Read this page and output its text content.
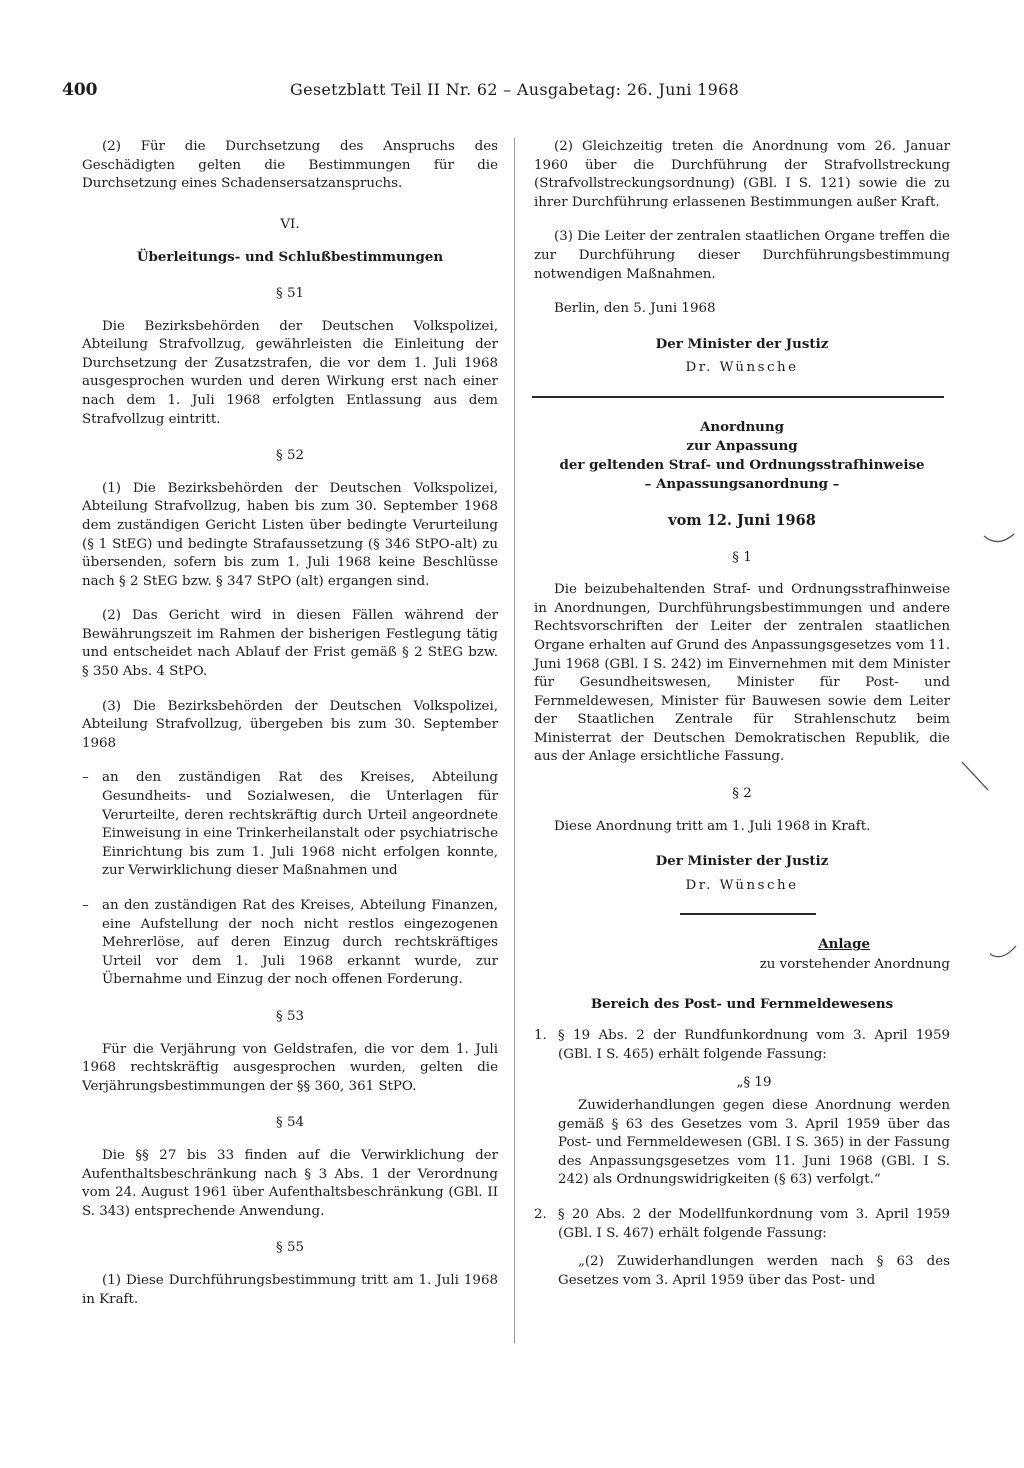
400	Gesetzblatt Teil II Nr. 62 – Ausgabetag: 26. Juni 1968

(2) Für die Durchsetzung des Anspruchs des Geschädigten gelten die Bestimmungen für die Durchsetzung eines Schadensersatzanspruchs.

VI.
Überleitungs- und Schlußbestimmungen
§ 51

Die Bezirksbehörden der Deutschen Volkspolizei, Abteilung Strafvollzug, gewährleisten die Einleitung der Durchsetzung der Zusatzstrafen, die vor dem 1. Juli 1968 ausgesprochen wurden und deren Wirkung erst nach einer nach dem 1. Juli 1968 erfolgten Entlassung aus dem Strafvollzug eintritt.

§ 52

(1) Die Bezirksbehörden der Deutschen Volkspolizei, Abteilung Strafvollzug, haben bis zum 30. September 1968 dem zuständigen Gericht Listen über bedingte Verurteilung (§ 1 StEG) und bedingte Strafaussetzung (§ 346 StPO-alt) zu übersenden, sofern bis zum 1. Juli 1968 keine Beschlüsse nach § 2 StEG bzw. § 347 StPO (alt) ergangen sind.

(2) Das Gericht wird in diesen Fällen während der Bewährungszeit im Rahmen der bisherigen Festlegung tätig und entscheidet nach Ablauf der Frist gemäß § 2 StEG bzw. § 350 Abs. 4 StPO.

(3) Die Bezirksbehörden der Deutschen Volkspolizei, Abteilung Strafvollzug, übergeben bis zum 30. September 1968

– an den zuständigen Rat des Kreises, Abteilung Gesundheits- und Sozialwesen, die Unterlagen für Verurteilte, deren rechtskräftig durch Urteil angeordnete Einweisung in eine Trinkerheilanstalt oder psychiatrische Einrichtung bis zum 1. Juli 1968 nicht erfolgen konnte, zur Verwirklichung dieser Maßnahmen und
– an den zuständigen Rat des Kreises, Abteilung Finanzen, eine Aufstellung der noch nicht restlos eingezogenen Mehrerlöse, auf deren Einzug durch rechtskräftiges Urteil vor dem 1. Juli 1968 erkannt wurde, zur Übernahme und Einzug der noch offenen Forderung.
§ 53

Für die Verjährung von Geldstrafen, die vor dem 1. Juli 1968 rechtskräftig ausgesprochen wurden, gelten die Verjährungsbestimmungen der §§ 360, 361 StPO.

§ 54

Die §§ 27 bis 33 finden auf die Verwirklichung der Aufenthaltsbeschränkung nach § 3 Abs. 1 der Verordnung vom 24. August 1961 über Aufenthaltsbeschränkung (GBl. II S. 343) entsprechende Anwendung.

§ 55

(1) Diese Durchführungsbestimmung tritt am 1. Juli 1968 in Kraft.

(2) Gleichzeitig treten die Anordnung vom 26. Januar 1960 über die Durchführung der Strafvollstreckung (Strafvollstreckungsordnung) (GBl. I S. 121) sowie die zu ihrer Durchführung erlassenen Bestimmungen außer Kraft.

(3) Die Leiter der zentralen staatlichen Organe treffen die zur Durchführung dieser Durchführungsbestimmung notwendigen Maßnahmen.

Berlin, den 5. Juni 1968

Der Minister der Justiz
Dr. Wünsche
Anordnung
zur Anpassung
der geltenden Straf- und Ordnungsstrafhinweise
– Anpassungsanordnung –
vom 12. Juni 1968
§ 1

Die beizubehaltenden Straf- und Ordnungsstrafhinweise in Anordnungen, Durchführungsbestimmungen und andere Rechtsvorschriften der Leiter der zentralen staatlichen Organe erhalten auf Grund des Anpassungsgesetzes vom 11. Juni 1968 (GBl. I S. 242) im Einvernehmen mit dem Minister für Gesundheitswesen, Minister für Post- und Fernmeldewesen, Minister für Bauwesen sowie dem Leiter der Staatlichen Zentrale für Strahlenschutz beim Ministerrat der Deutschen Demokratischen Republik, die aus der Anlage ersichtliche Fassung.

§ 2

Diese Anordnung tritt am 1. Juli 1968 in Kraft.

Der Minister der Justiz
Dr. Wünsche
Anlage
zu vorstehender Anordnung
Bereich des Post- und Fernmeldewesens
1. § 19 Abs. 2 der Rundfunkordnung vom 3. April 1959 (GBl. I S. 465) erhält folgende Fassung:
„§ 19

Zuwiderhandlungen gegen diese Anordnung werden gemäß § 63 des Gesetzes vom 3. April 1959 über das Post- und Fernmeldewesen (GBl. I S. 365) in der Fassung des Anpassungsgesetzes vom 11. Juni 1968 (GBl. I S. 242) als Ordnungswidrigkeiten (§ 63) verfolgt.“

2. § 20 Abs. 2 der Modellfunkordnung vom 3. April 1959 (GBl. I S. 467) erhält folgende Fassung:

„(2) Zuwiderhandlungen werden nach § 63 des Gesetzes vom 3. April 1959 über das Post- und
